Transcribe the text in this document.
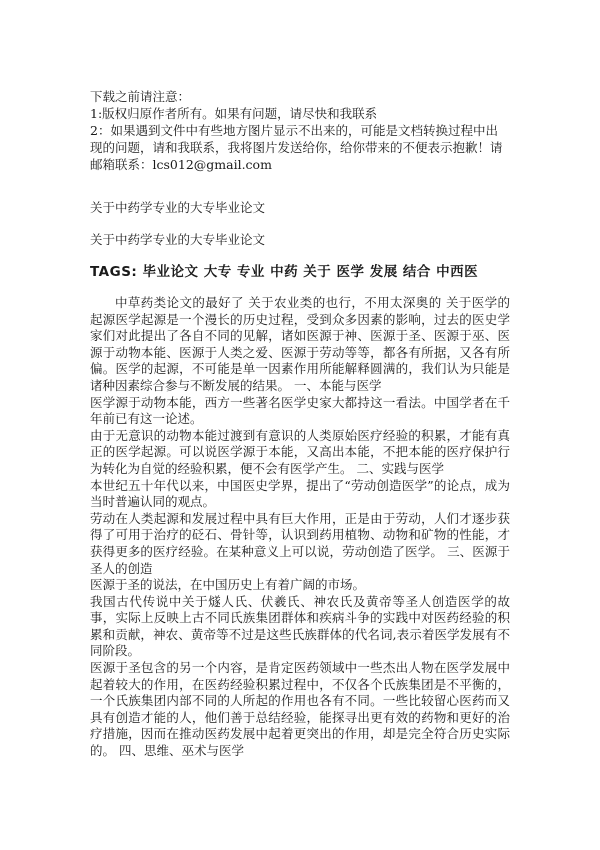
下载之前请注意：

1:版权归原作者所有。如果有问题，请尽快和我联系

2：如果遇到文件中有些地方图片显示不出来的，可能是文档转换过程中出现的问题，请和我联系，我将图片发送给你，给你带来的不便表示抱歉！请邮箱联系：lcs012@gmail.com

关于中药学专业的大专毕业论文

关于中药学专业的大专毕业论文

TAGS: 毕业论文 大专 专业 中药 关于 医学 发展 结合 中西医

中草药类论文的最好了 关于农业类的也行，不用太深奥的 关于医学的起源医学起源是一个漫长的历史过程，受到众多因素的影响，过去的医史学家们对此提出了各自不同的见解，诸如医源于神、医源于圣、医源于巫、医源于动物本能、医源于人类之爱、医源于劳动等等，都各有所据，又各有所偏。医学的起源，不可能是单一因素作用所能解释圆满的，我们认为只能是诸种因素综合参与不断发展的结果。 一、本能与医学

医学源于动物本能，西方一些著名医学史家大都持这一看法。中国学者在千年前已有这一论述。

由于无意识的动物本能过渡到有意识的人类原始医疗经验的积累，才能有真正的医学起源。可以说医学源于本能，又高出本能，不把本能的医疗保护行为转化为自觉的经验积累，便不会有医学产生。 二、实践与医学

本世纪五十年代以来，中国医史学界，提出了“劳动创造医学”的论点，成为当时普遍认同的观点。

劳动在人类起源和发展过程中具有巨大作用，正是由于劳动，人们才逐步获得了可用于治疗的砭石、骨针等，认识到药用植物、动物和矿物的性能，才获得更多的医疗经验。在某种意义上可以说，劳动创造了医学。 三、医源于圣人的创造

医源于圣的说法，在中国历史上有着广阔的市场。

我国古代传说中关于燧人氏、伏羲氏、神农氏及黄帝等圣人创造医学的故事，实际上反映上古不同氏族集团群体和疾病斗争的实践中对医药经验的积累和贡献，神农、黄帝等不过是这些氏族群体的代名词,表示着医学发展有不同阶段。

医源于圣包含的另一个内容，是肯定医药领域中一些杰出人物在医学发展中起着较大的作用，在医药经验积累过程中，不仅各个氏族集团是不平衡的，一个氏族集团内部不同的人所起的作用也各有不同。一些比较留心医药而又具有创造才能的人，他们善于总结经验，能探寻出更有效的药物和更好的治疗措施，因而在推动医药发展中起着更突出的作用，却是完全符合历史实际的。 四、思维、巫术与医学
